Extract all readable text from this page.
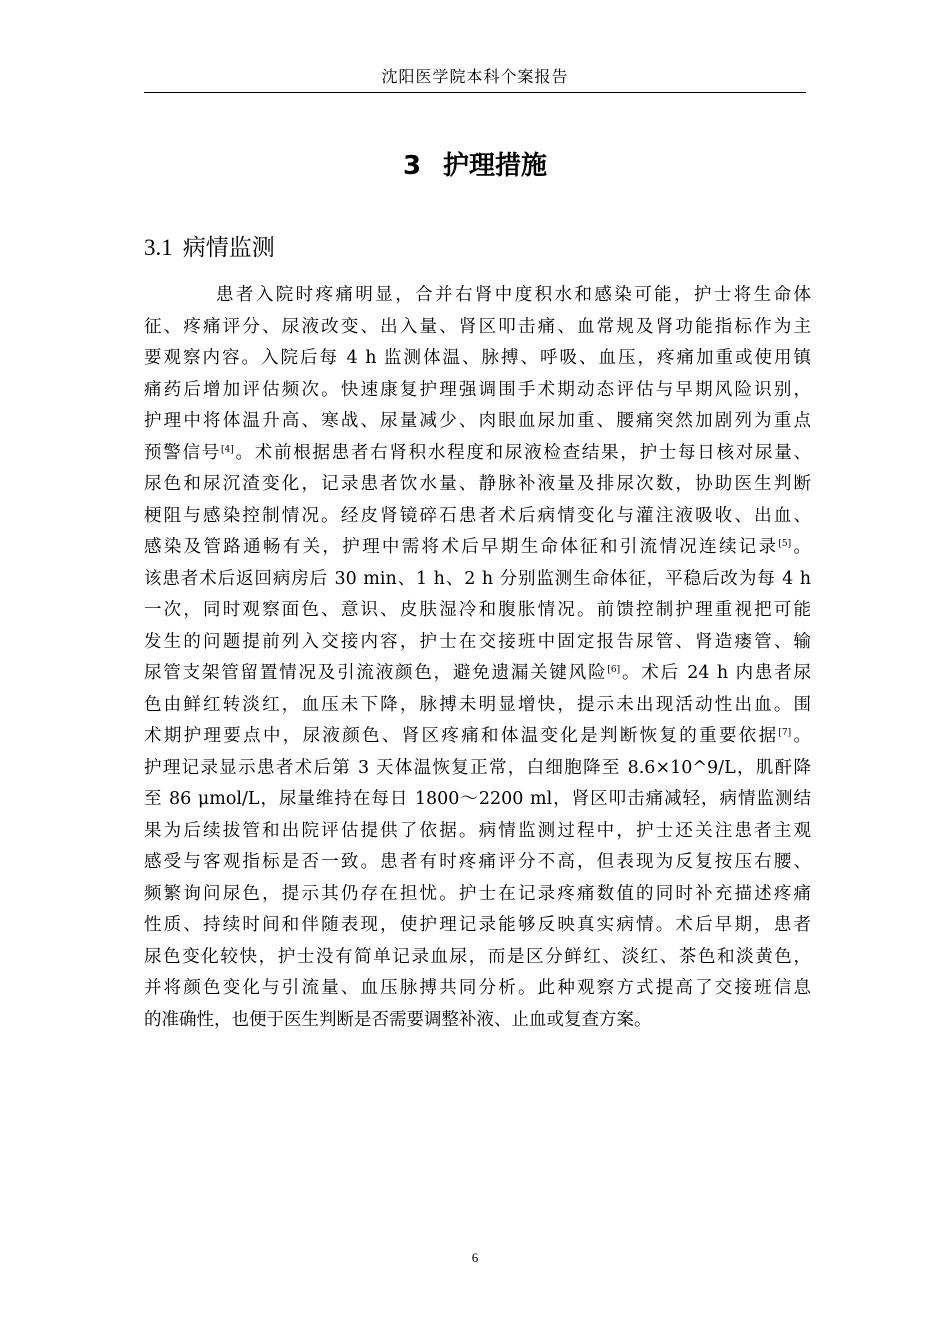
沈阳医学院本科个案报告
3 护理措施
3.1 病情监测
患者入院时疼痛明显，合并右肾中度积水和感染可能，护士将生命体
征、疼痛评分、尿液改变、出入量、肾区叩击痛、血常规及肾功能指标作为主
要观察内容。入院后每 4 h 监测体温、脉搏、呼吸、血压，疼痛加重或使用镇
痛药后增加评估频次。快速康复护理强调围手术期动态评估与早期风险识别，
护理中将体温升高、寒战、尿量减少、肉眼血尿加重、腰痛突然加剧列为重点
预警信号[4]。术前根据患者右肾积水程度和尿液检查结果，护士每日核对尿量、
尿色和尿沉渣变化，记录患者饮水量、静脉补液量及排尿次数，协助医生判断
梗阻与感染控制情况。经皮肾镜碎石患者术后病情变化与灌注液吸收、出血、
感染及管路通畅有关，护理中需将术后早期生命体征和引流情况连续记录[5]。
该患者术后返回病房后 30 min、1 h、2 h 分别监测生命体征，平稳后改为每 4 h
一次，同时观察面色、意识、皮肤湿冷和腹胀情况。前馈控制护理重视把可能
发生的问题提前列入交接内容，护士在交接班中固定报告尿管、肾造瘘管、输
尿管支架管留置情况及引流液颜色，避免遗漏关键风险[6]。术后 24 h 内患者尿
色由鲜红转淡红，血压未下降，脉搏未明显增快，提示未出现活动性出血。围
术期护理要点中，尿液颜色、肾区疼痛和体温变化是判断恢复的重要依据[7]。
护理记录显示患者术后第 3 天体温恢复正常，白细胞降至 8.6×10^9/L，肌酐降
至 86 μmol/L，尿量维持在每日 1800～2200 ml，肾区叩击痛减轻，病情监测结
果为后续拔管和出院评估提供了依据。病情监测过程中，护士还关注患者主观
感受与客观指标是否一致。患者有时疼痛评分不高，但表现为反复按压右腰、
频繁询问尿色，提示其仍存在担忧。护士在记录疼痛数值的同时补充描述疼痛
性质、持续时间和伴随表现，使护理记录能够反映真实病情。术后早期，患者
尿色变化较快，护士没有简单记录血尿，而是区分鲜红、淡红、茶色和淡黄色，
并将颜色变化与引流量、血压脉搏共同分析。此种观察方式提高了交接班信息
的准确性，也便于医生判断是否需要调整补液、止血或复查方案。
6
